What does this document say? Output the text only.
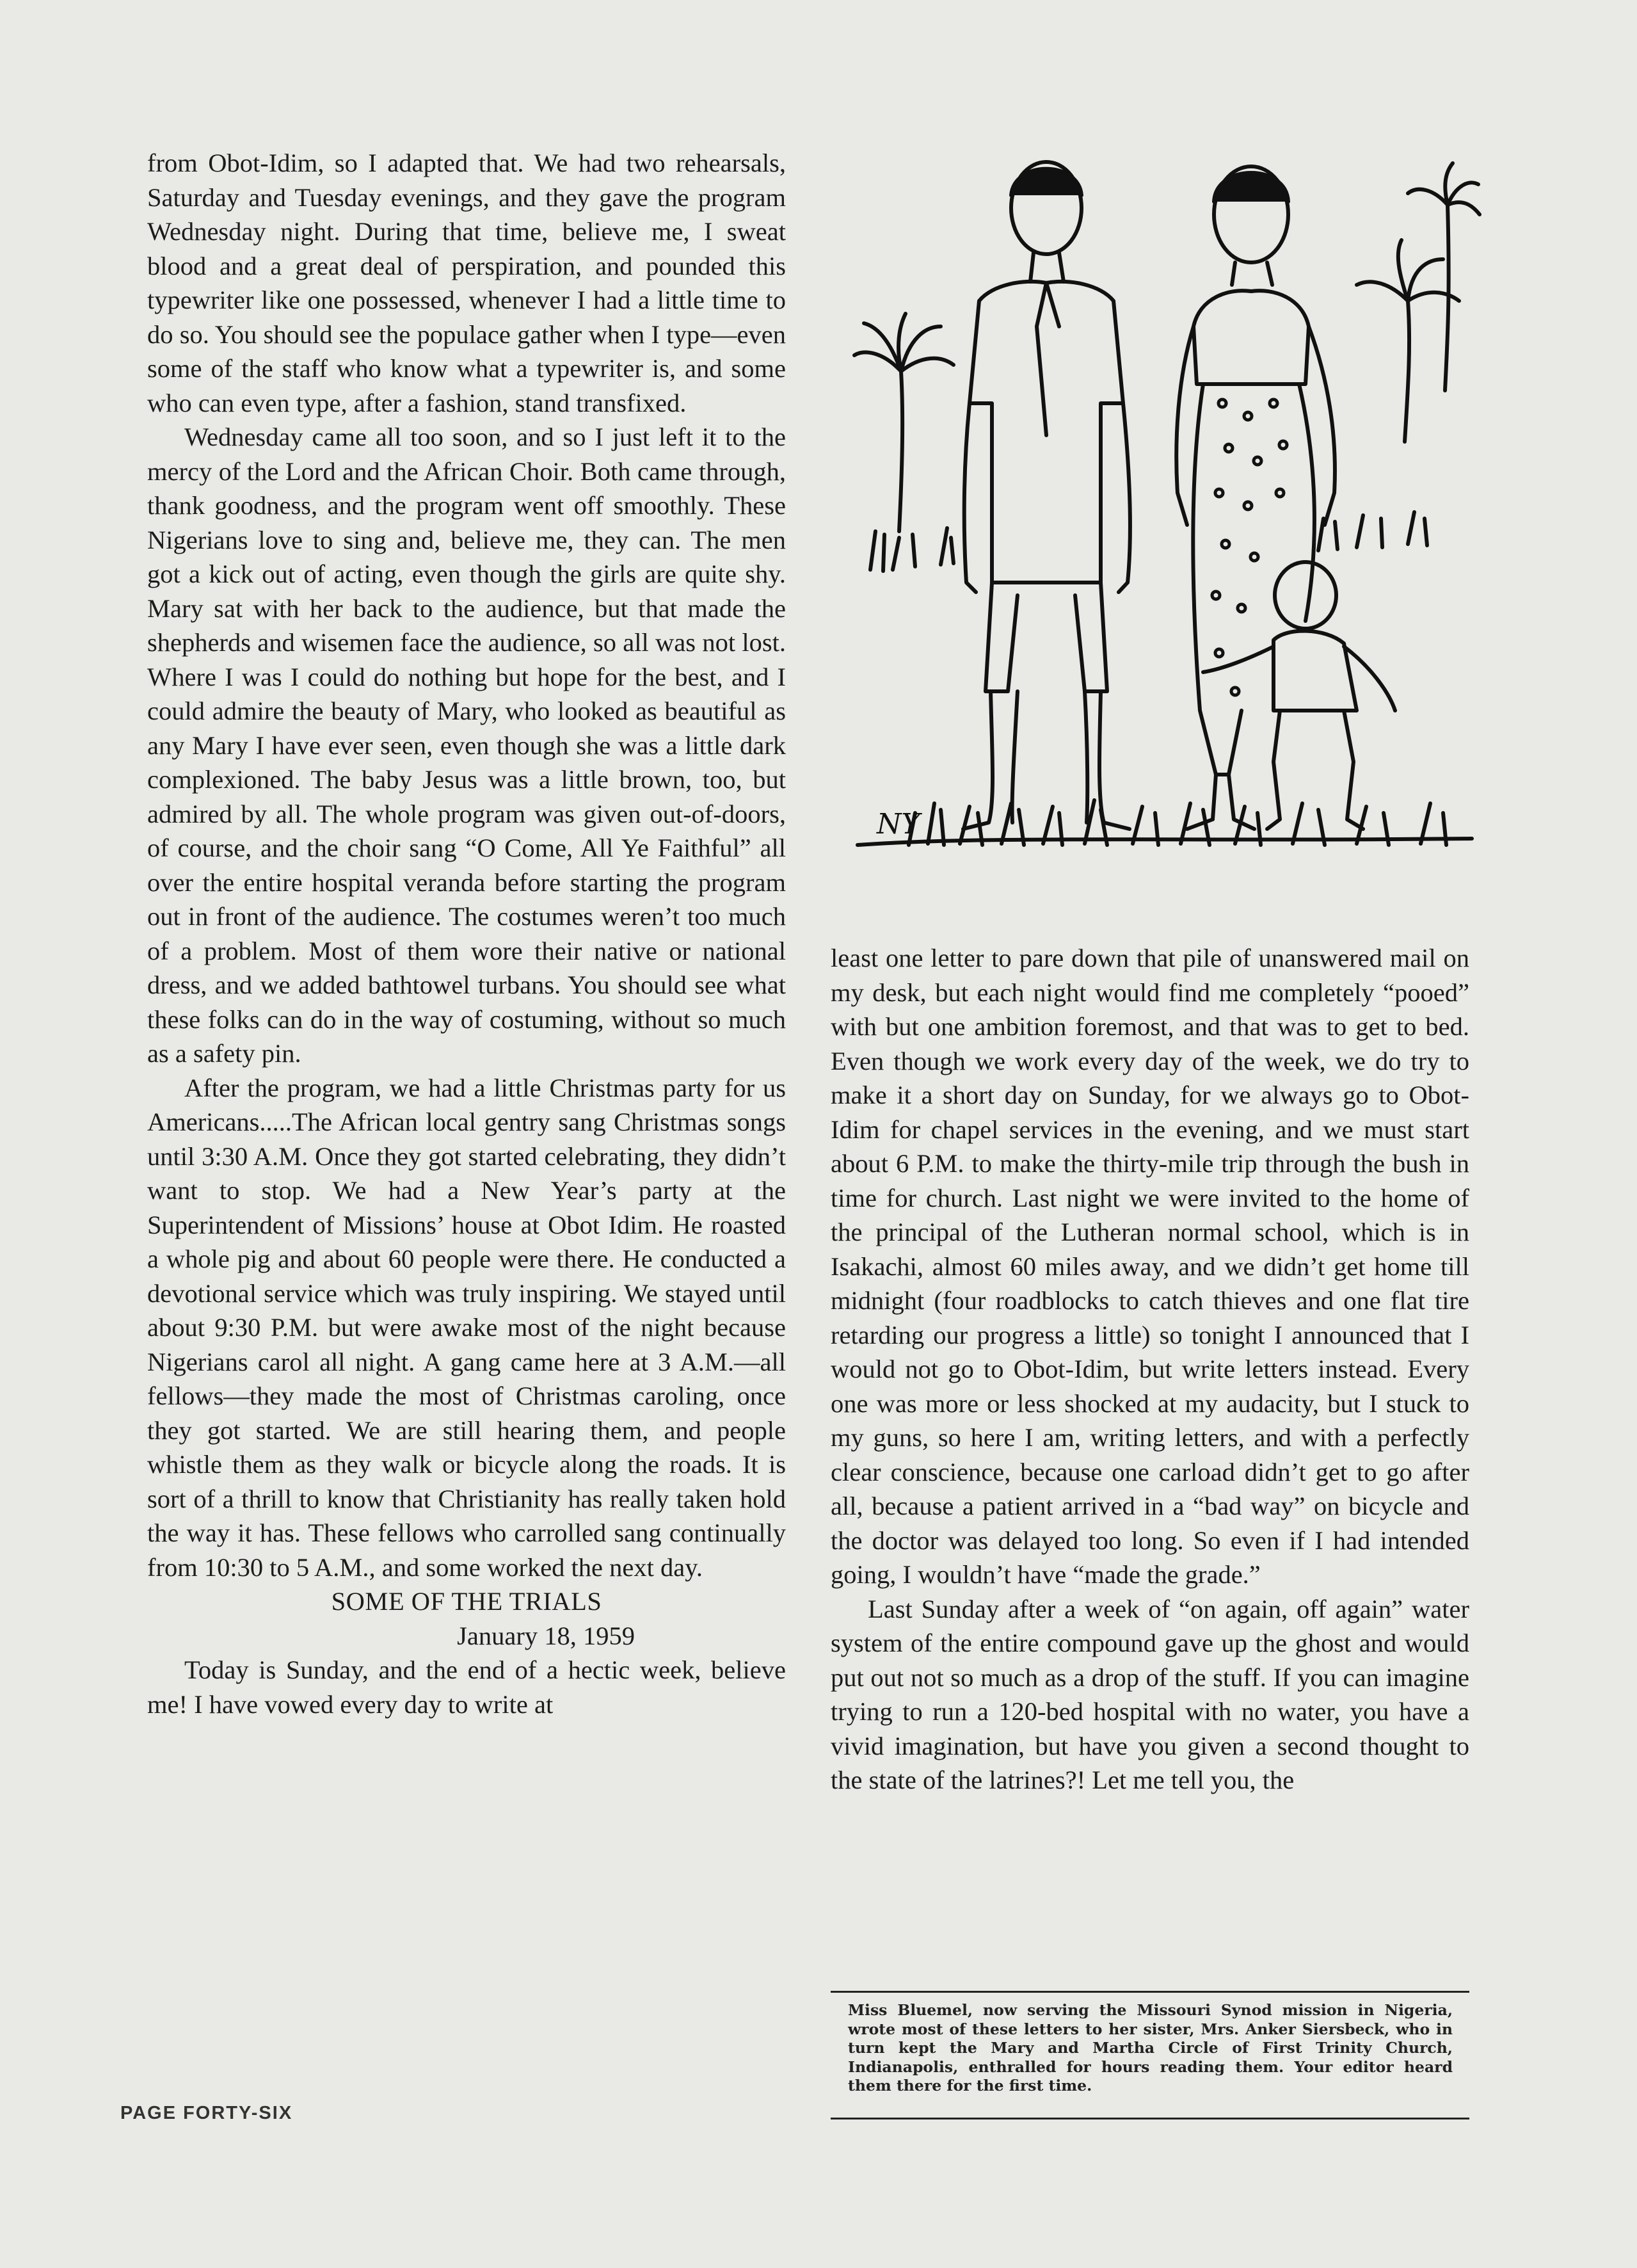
from Obot-Idim, so I adapted that. We had two rehearsals, Saturday and Tuesday evenings, and they gave the program Wednesday night. During that time, believe me, I sweat blood and a great deal of perspiration, and pounded this typewriter like one possessed, whenever I had a little time to do so. You should see the populace gather when I type—even some of the staff who know what a typewriter is, and some who can even type, after a fashion, stand transfixed.

Wednesday came all too soon, and so I just left it to the mercy of the Lord and the African Choir. Both came through, thank goodness, and the program went off smoothly. These Nigerians love to sing and, believe me, they can. The men got a kick out of acting, even though the girls are quite shy. Mary sat with her back to the audience, but that made the shepherds and wisemen face the audience, so all was not lost. Where I was I could do nothing but hope for the best, and I could admire the beauty of Mary, who looked as beautiful as any Mary I have ever seen, even though she was a little dark complexioned. The baby Jesus was a little brown, too, but admired by all. The whole program was given out-of-doors, of course, and the choir sang “O Come, All Ye Faithful” all over the entire hospital veranda before starting the program out in front of the audience. The costumes weren’t too much of a problem. Most of them wore their native or national dress, and we added bathtowel turbans. You should see what these folks can do in the way of costuming, without so much as a safety pin.

After the program, we had a little Christmas party for us Americans.....The African local gentry sang Christmas songs until 3:30 A.M. Once they got started celebrating, they didn’t want to stop. We had a New Year’s party at the Superintendent of Missions’ house at Obot Idim. He roasted a whole pig and about 60 people were there. He conducted a devotional service which was truly inspiring. We stayed until about 9:30 P.M. but were awake most of the night because Nigerians carol all night. A gang came here at 3 A.M.—all fellows—they made the most of Christmas caroling, once they got started. We are still hearing them, and people whistle them as they walk or bicycle along the roads. It is sort of a thrill to know that Christianity has really taken hold the way it has. These fellows who carrolled sang continually from 10:30 to 5 A.M., and some worked the next day.

SOME OF THE TRIALS

January 18, 1959

Today is Sunday, and the end of a hectic week, believe me! I have vowed every day to write at

NY

least one letter to pare down that pile of unanswered mail on my desk, but each night would find me completely “pooed” with but one ambition foremost, and that was to get to bed. Even though we work every day of the week, we do try to make it a short day on Sunday, for we always go to Obot-Idim for chapel services in the evening, and we must start about 6 P.M. to make the thirty-mile trip through the bush in time for church. Last night we were invited to the home of the principal of the Lutheran normal school, which is in Isakachi, almost 60 miles away, and we didn’t get home till midnight (four roadblocks to catch thieves and one flat tire retarding our progress a little) so tonight I announced that I would not go to Obot-Idim, but write letters instead. Every one was more or less shocked at my audacity, but I stuck to my guns, so here I am, writing letters, and with a perfectly clear conscience, because one carload didn’t get to go after all, because a patient arrived in a “bad way” on bicycle and the doctor was delayed too long. So even if I had intended going, I wouldn’t have “made the grade.”

Last Sunday after a week of “on again, off again” water system of the entire compound gave up the ghost and would put out not so much as a drop of the stuff. If you can imagine trying to run a 120-bed hospital with no water, you have a vivid imagination, but have you given a second thought to the state of the latrines?! Let me tell you, the

Miss Bluemel, now serving the Missouri Synod mission in Nigeria, wrote most of these letters to her sister, Mrs. Anker Siersbeck, who in turn kept the Mary and Martha Circle of First Trinity Church, Indianapolis, enthralled for hours reading them. Your editor heard them there for the first time.
PAGE FORTY-SIX
